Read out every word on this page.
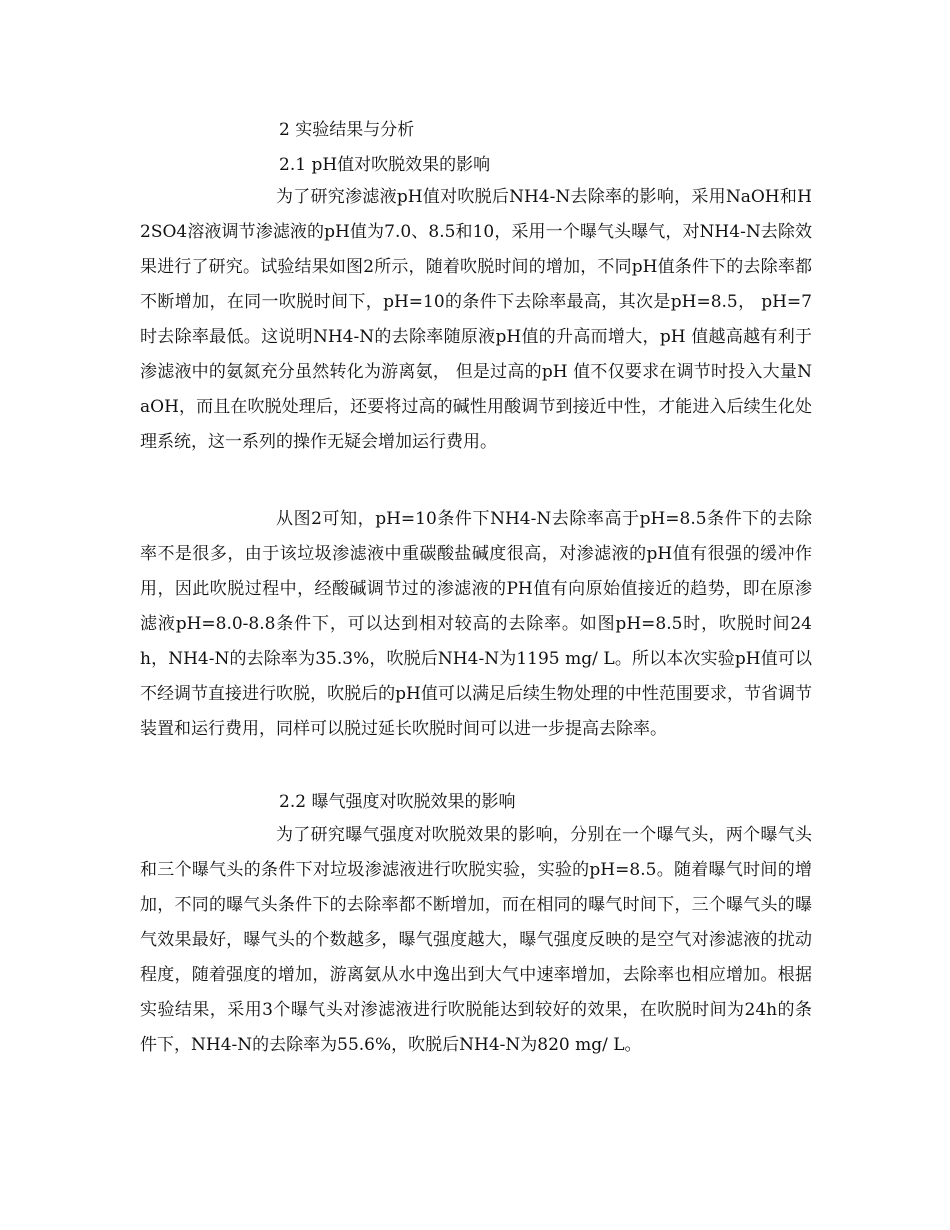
2 实验结果与分析
2.1 pH值对吹脱效果的影响

为了研究渗滤液pH值对吹脱后NH4-N去除率的影响，采用NaOH和H2SO4溶液调节渗滤液的pH值为7.0、8.5和10，采用一个曝气头曝气，对NH4-N去除效果进行了研究。试验结果如图2所示，随着吹脱时间的增加，不同pH值条件下的去除率都不断增加，在同一吹脱时间下，pH=10的条件下去除率最高，其次是pH=8.5， pH=7时去除率最低。这说明NH4-N的去除率随原液pH值的升高而增大，pH 值越高越有利于渗滤液中的氨氮充分虽然转化为游离氨， 但是过高的pH 值不仅要求在调节时投入大量NaOH，而且在吹脱处理后，还要将过高的碱性用酸调节到接近中性，才能进入后续生化处理系统，这一系列的操作无疑会增加运行费用。

从图2可知，pH=10条件下NH4-N去除率高于pH=8.5条件下的去除率不是很多，由于该垃圾渗滤液中重碳酸盐碱度很高，对渗滤液的pH值有很强的缓冲作用，因此吹脱过程中，经酸碱调节过的渗滤液的PH值有向原始值接近的趋势，即在原渗滤液pH=8.0-8.8条件下，可以达到相对较高的去除率。如图pH=8.5时，吹脱时间24h，NH4-N的去除率为35.3%，吹脱后NH4-N为1195 mg/ L。所以本次实验pH值可以不经调节直接进行吹脱，吹脱后的pH值可以满足后续生物处理的中性范围要求，节省调节装置和运行费用，同样可以脱过延长吹脱时间可以进一步提高去除率。

2.2 曝气强度对吹脱效果的影响

为了研究曝气强度对吹脱效果的影响，分别在一个曝气头，两个曝气头和三个曝气头的条件下对垃圾渗滤液进行吹脱实验，实验的pH=8.5。随着曝气时间的增加，不同的曝气头条件下的去除率都不断增加，而在相同的曝气时间下，三个曝气头的曝气效果最好，曝气头的个数越多，曝气强度越大，曝气强度反映的是空气对渗滤液的扰动程度，随着强度的增加，游离氨从水中逸出到大气中速率增加，去除率也相应增加。根据实验结果，采用3个曝气头对渗滤液进行吹脱能达到较好的效果，在吹脱时间为24h的条件下，NH4-N的去除率为55.6%，吹脱后NH4-N为820 mg/ L。
